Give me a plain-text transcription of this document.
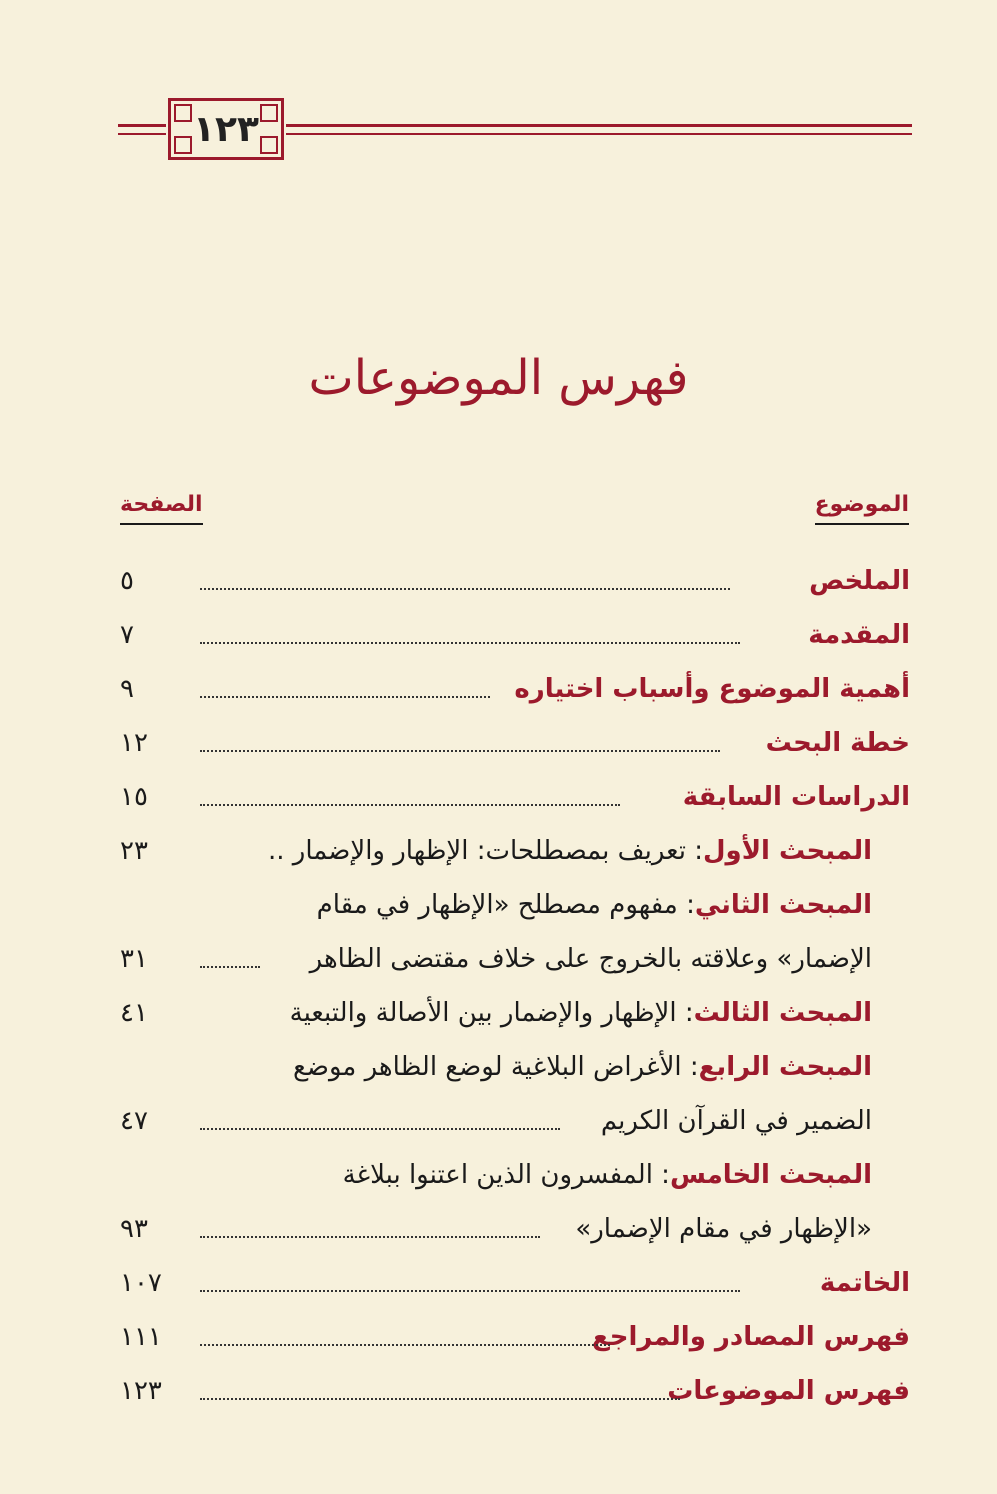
١٢٣
فهرس الموضوعات
الموضوع
الصفحة
الملخص
٥
المقدمة
٧
أهمية الموضوع وأسباب اختياره
٩
خطة البحث
١٢
الدراسات السابقة
١٥
المبحث الأول: تعريف بمصطلحات: الإظهار والإضمار ..
٢٣
المبحث الثاني: مفهوم مصطلح «الإظهار في مقام
الإضمار» وعلاقته بالخروج على خلاف مقتضى الظاهر
٣١
المبحث الثالث: الإظهار والإضمار بين الأصالة والتبعية
٤١
المبحث الرابع: الأغراض البلاغية لوضع الظاهر موضع
الضمير في القرآن الكريم
٤٧
المبحث الخامس: المفسرون الذين اعتنوا ببلاغة
«الإظهار في مقام الإضمار»
٩٣
الخاتمة
١٠٧
فهرس المصادر والمراجع
١١١
فهرس الموضوعات
١٢٣
